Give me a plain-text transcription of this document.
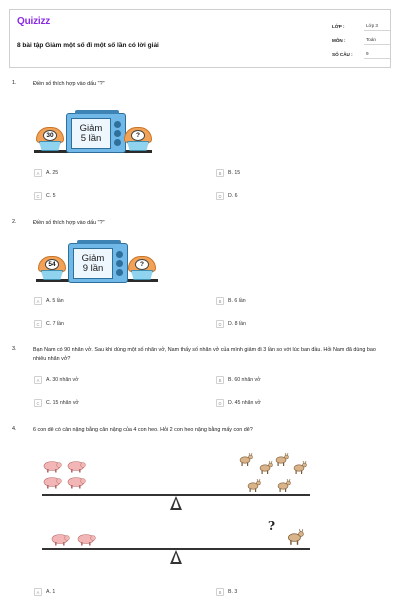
Quizizz
8 bài tập Giảm một số đi một số lần có lời giải
LỚP :	Lớp 3
MÔN :	Toán
SỐ CÂU :	9
1.	Điền số thích hợp vào dấu "?"
30
Giảm
5 lần	?
A	A. 25	B	B. 15
C	C. 5	D	D. 6
2.	Điền số thích hợp vào dấu "?"
54
Giảm
9 lần	?
A	A. 5 lần	B	B. 6 lần
C	C. 7 lần	D	D. 8 lần
3.	Bạn Nam có 90 nhãn vở. Sau khi dùng một số nhãn vở, Nam thấy số nhãn vở của mình giảm đi 3 lần so với lúc ban đầu. Hỏi Nam đã dùng bao nhiêu nhãn vở?
A	A. 30 nhãn vở	B	B. 60 nhãn vở
C	C. 15 nhãn vở	D	D. 45 nhãn vở
4.	6 con dê có cân nặng bằng cân nặng của 4 con heo. Hỏi 2 con heo nặng bằng mấy con dê?
?
A	A. 1	B	B. 3
